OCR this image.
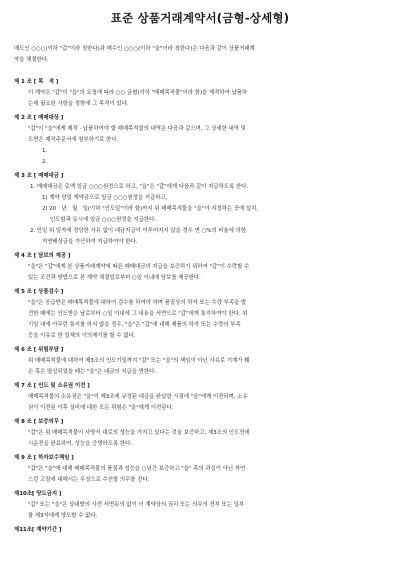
표준 상품거래계약서(금형-상세형)

매도인 ○○○(이하 "갑"이라 칭한다)과 매수인 ○○○(이하 "을"이라 칭한다)은 다음과 같이 상품거래계
약을 체결한다.

제 1 조 [ 목　적 ]

이 계약은 "갑"이 "을"의 요청에 따라 ○○ 금형(이하 "매매목적물"이라 함)을 제작하여 납품하

는데 필요한 사항을 정함에 그 목적이 있다.

제 2 조 [ 매매대상 ]

"갑"이 "을"에게 제작 · 납품하여야 할 매매목적물의 내역은 다음과 같으며, 그 상세한 내역 및

도면은 제작주문서에 첨부하기로 한다.

1.

2.

제 3 조 [ 매매대금 ]

1. 매매대금은 총액 일금 ○○○원정으로 하고, "을"은 "갑"에게 다음과 같이 지급하도록 한다.

1) 계약 당일 계약금으로 일금 ○○○원정을 지급하고,

2) 20　년　월　일(이하 "인도일"이라 함)까지 위 매매목적물을 "을"이 지정하는 곳에 설치,

인도함과 동시에 일금 ○○○원정을 지급한다.

2. 만일 위 일자에 정당한 사유 없이 대금지급이 이루어지지 않을 경우 연 ○%의 비율에 의한

지연배상금을 가산하여 지급하여야 한다.

제 4 조 [ 담보의 제공 ]

"을"은 "갑"에게 본 상품거래계약에 따른 매매대금의 지급을 보증하기 위하여 "갑"이 수락할 수

있는 조건과 방법으로 본 계약 체결일로부터 ○일 이내에 담보를 제공한다.

제 5 조 [ 상품검수 ]

"을"은 공급받은 매매목적물에 대하여 검수를 하여야 하며 품질상의 하자 또는 수량 부족을 발

견한 때에는 인도받은 날로부터 ○일 이내에 그 내용을 서면으로 "갑"에게 통지하여야 한다. 위

기일 내에 아무런 통지를 하지 않을 경우, "을"은 "갑"에 대해 제품의 하자 또는 수량의 부족

등을 이유로 한 일체의 이의제기를 할 수 없다.

제 6 조 [ 위험부담 ]

위 매매목적물에 대하여 제3조의 인도기일까지 "갑" 또는 "을"의 책임이 아닌 사유로 기계가 훼

손 혹은 멸실되었을 때는 "을"은 대금의 지급을 면한다.

제 7 조 [ 인도 및 소유권 이전 ]

매매목적물의 소유권은 "을"이 제3조에 규정된 대금을 완납한 시점에 "을"에게 이전되며, 소유

권이 이전된 이후 설비에 대한 모든 위험은 "을"에게 이전된다.

제 8 조 [ 보증의무 ]

"갑"은 위 매매목적물이 사양서 대로의 성능을 가지고 있다는 것을 보증하고, 제3조의 인도전에

시운전을 완료하여, 성능을 증명하도록 한다.

제 9 조 [ 하자보수책임 ]

"갑"은 "을"에 대해 매매목적물의 품질과 성능을 ○년간 보증하고 "을" 측의 과실이 아닌 자연

스런 고장에 대해서는 무상으로 수선할 의무를 진다.

제10조[ 양도금지 ]

"갑" 또는 "을"은 상대방의 사전 서면동의 없이 이 계약상의 권리 또는 의무의 전부 또는 일부

를 제3자에게 양도할 수 없다.

제11조[ 계약기간 ]
